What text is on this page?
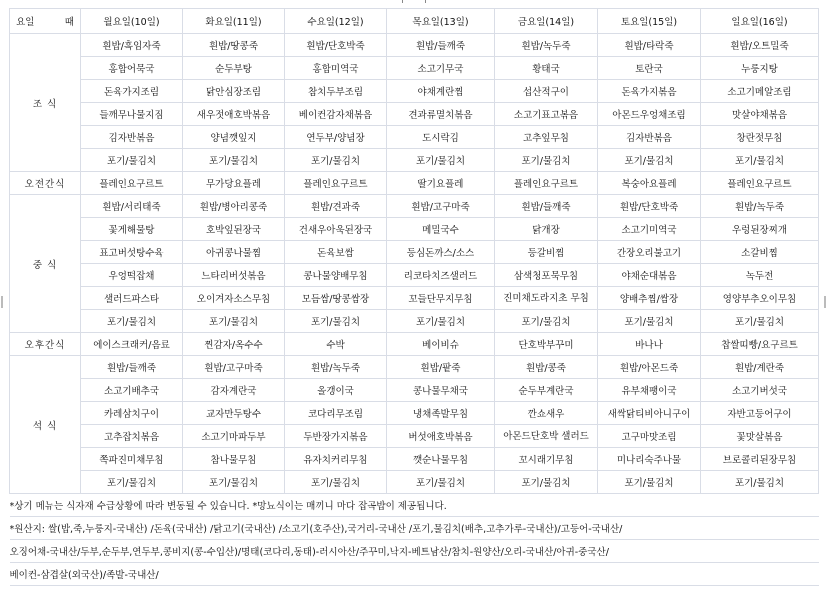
요일 때	월요일(10일)	화요일(11일)	수요일(12일)	목요일(13일)	금요일(14일)	토요일(15일)	일요일(16일)
조 식	흰밥/흑임자죽	흰밥/땅콩죽	흰밥/단호박죽	흰밥/들깨죽	흰밥/녹두죽	흰밥/타락죽	흰밥/오트밀죽
	홍합어묵국	순두부탕	홍합미역국	소고기무국	황태국	토란국	누룽지탕
	돈육가지조림	닭안심장조림	참치두부조림	야채계란찜	섭산적구이	돈육가지볶음	소고기메알조림
	들깨무나물지짐	새우젓애호박볶음	베이컨감자채볶음	견과류멸치볶음	소고기표고볶음	아몬드우엉채조림	맛살야채볶음
	김자반볶음	양념깻잎지	연두부/양념장	도시락김	고추잎무침	김자반볶음	창란젓무침
	포기/물김치	포기/물김치	포기/물김치	포기/물김치	포기/물김치	포기/물김치	포기/물김치
오전간식	플레인요구르트	무가당요플레	플레인요구르트	딸기요플레	플레인요구르트	복숭아요플레	플레인요구르트
중 식	흰밥/서리태죽	흰밥/병아리콩죽	흰밥/견과죽	흰밥/고구마죽	흰밥/들깨죽	흰밥/단호박죽	흰밥/녹두죽
	꽃게해물탕	호박잎된장국	건새우아욱된장국	메밀국수	닭개장	소고기미역국	우렁된장찌개
	표고버섯탕수육	아귀콩나물찜	돈육보쌈	등심돈까스/소스	등갈비찜	간장오리불고기	소갈비찜
	우엉떡잡채	느타리버섯볶음	콩나물양배무침	리코타치즈샐러드	삼색청포묵무침	야채순대볶음	녹두전
	샐러드파스타	오이겨자소스무침	모듬쌈/땅콩쌈장	꼬들단무지무침	진미채도라지초 무침	양배추찜/쌈장	영양부추오이무침
	포기/물김치	포기/물김치	포기/물김치	포기/물김치	포기/물김치	포기/물김치	포기/물김치
오후간식	에이스크래커/음료	찐감자/옥수수	수박	베이비슈	단호박부꾸미	바나나	찹쌀띠빵/요구르트
석 식	흰밥/들깨죽	흰밥/고구마죽	흰밥/녹두죽	흰밥/팥죽	흰밥/콩죽	흰밥/아몬드죽	흰밥/계란죽
	소고기배추국	감자계란국	올갱이국	콩나물무채국	순두부계란국	유부채팽이국	소고기버섯국
	카레삼치구이	교자만두탕수	코다리무조림	냉채족발무침	깐쇼새우	새싹닭티비아니구이	자반고등어구이
	고추잡치볶음	소고기마파두부	두반장가지볶음	버섯애호박볶음	아몬드단호박 샐러드	고구마맛조림	꽃맛살볶음
	쪽파진미채무침	참나물무침	유자치커리무침	깻순나물무침	꼬시래기무침	미나리숙주나물	브로콜리된장무침
	포기/물김치	포기/물김치	포기/물김치	포기/물김치	포기/물김치	포기/물김치	포기/물김치
*상기 메뉴는 식자재 수급상황에 따라 변동될 수 있습니다. *망뇨식이는 매끼니 마다 잡곡밥이 제공됩니다.							
*원산지: 쌀(밥,죽,누룽지-국내산) /돈육(국내산) /닭고기(국내산) /소고기(호주산),국거리-국내산 /포기,물김치(배추,고추가루-국내산)/고등어-국내산/							
오징어채-국내산/두부,순두부,연두부,콩비지(콩-수입산)/명태(코다리,동태)-러시아산/주꾸미,낙지-베트남산/참치-원양산/오리-국내산/아귀-중국산/							
베이컨-삼겹살(외국산)/족발-국내산/							
